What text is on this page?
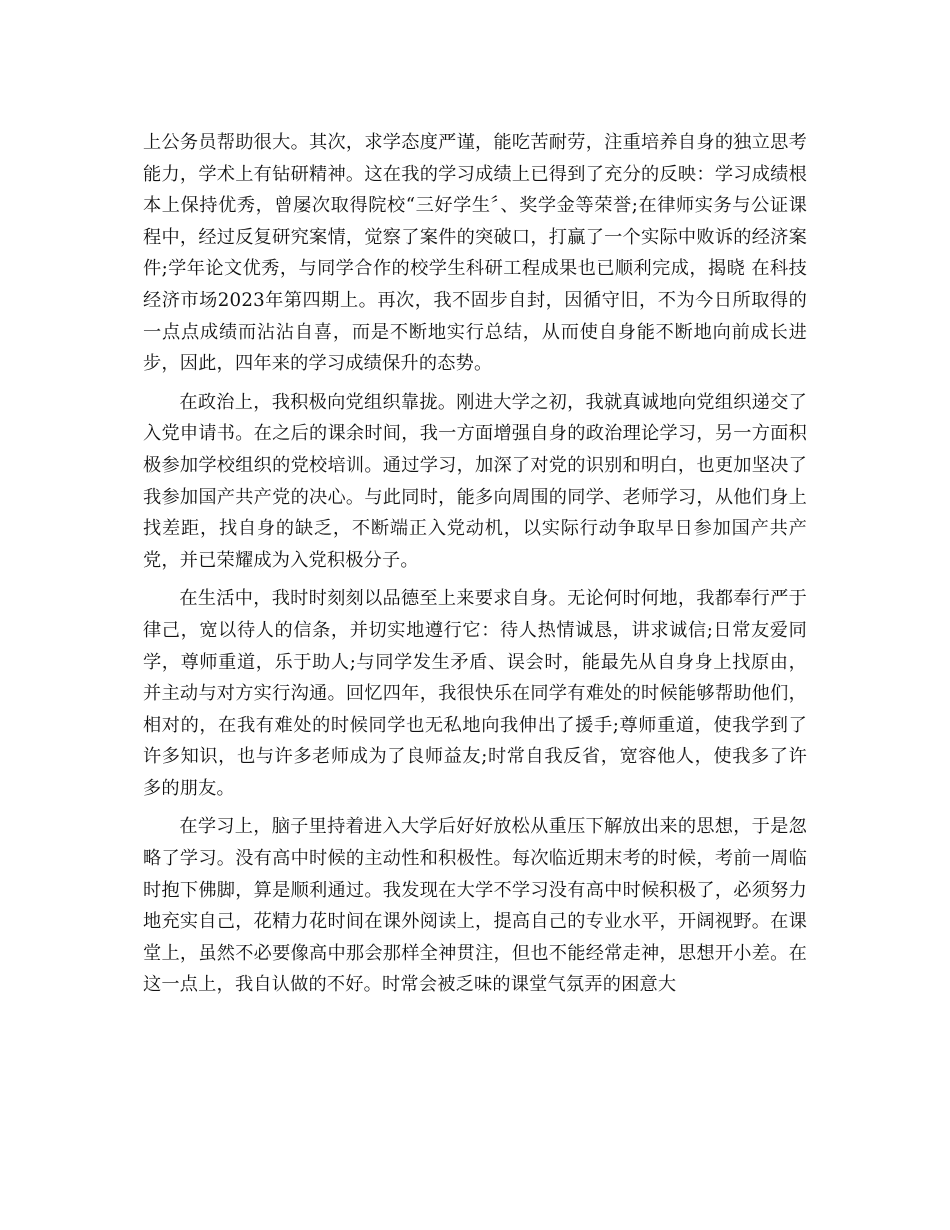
上公务员帮助很大。其次，求学态度严谨，能吃苦耐劳，注重培养自身的独立思考能力，学术上有钻研精神。这在我的学习成绩上已得到了充分的反映：学习成绩根本上保持优秀，曾屡次取得院校“三好学生〞、奖学金等荣誉;在律师实务与公证课程中，经过反复研究案情，觉察了案件的突破口，打赢了一个实际中败诉的经济案件;学年论文优秀，与同学合作的校学生科研工程成果也已顺利完成，揭晓 在科技经济市场2023年第四期上。再次，我不固步自封，因循守旧，不为今日所取得的一点点成绩而沾沾自喜，而是不断地实行总结，从而使自身能不断地向前成长进步，因此，四年来的学习成绩保升的态势。

在政治上，我积极向党组织靠拢。刚进大学之初，我就真诚地向党组织递交了入党申请书。在之后的课余时间，我一方面增强自身的政治理论学习，另一方面积极参加学校组织的党校培训。通过学习，加深了对党的识别和明白，也更加坚决了我参加国产共产党的决心。与此同时，能多向周围的同学、老师学习，从他们身上找差距，找自身的缺乏，不断端正入党动机，以实际行动争取早日参加国产共产党，并已荣耀成为入党积极分子。

在生活中，我时时刻刻以品德至上来要求自身。无论何时何地，我都奉行严于律己，宽以待人的信条，并切实地遵行它：待人热情诚恳，讲求诚信;日常友爱同学，尊师重道，乐于助人;与同学发生矛盾、误会时，能最先从自身身上找原由，并主动与对方实行沟通。回忆四年，我很快乐在同学有难处的时候能够帮助他们，相对的，在我有难处的时候同学也无私地向我伸出了援手;尊师重道，使我学到了许多知识，也与许多老师成为了良师益友;时常自我反省，宽容他人，使我多了许多的朋友。

在学习上，脑子里持着进入大学后好好放松从重压下解放出来的思想，于是忽略了学习。没有高中时候的主动性和积极性。每次临近期末考的时候，考前一周临时抱下佛脚，算是顺利通过。我发现在大学不学习没有高中时候积极了，必须努力地充实自己，花精力花时间在课外阅读上，提高自己的专业水平，开阔视野。在课堂上，虽然不必要像高中那会那样全神贯注，但也不能经常走神，思想开小差。在这一点上，我自认做的不好。时常会被乏味的课堂气氛弄的困意大
